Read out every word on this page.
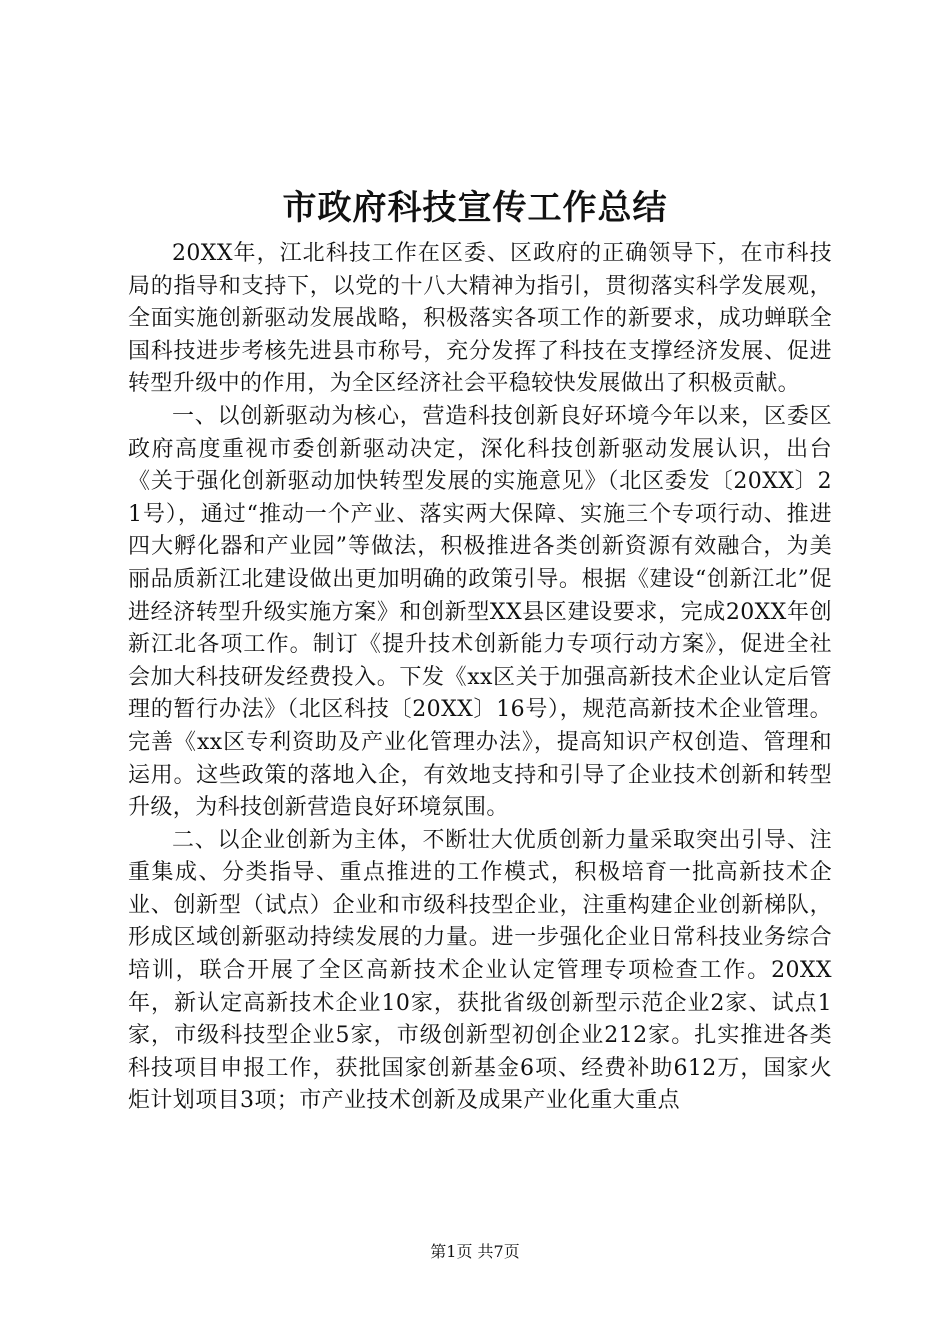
市政府科技宣传工作总结

20XX年，江北科技工作在区委、区政府的正确领导下，在市科技局的指导和支持下，以党的十八大精神为指引，贯彻落实科学发展观，全面实施创新驱动发展战略，积极落实各项工作的新要求，成功蝉联全国科技进步考核先进县市称号，充分发挥了科技在支撑经济发展、促进转型升级中的作用，为全区经济社会平稳较快发展做出了积极贡献。

一、以创新驱动为核心，营造科技创新良好环境今年以来，区委区政府高度重视市委创新驱动决定，深化科技创新驱动发展认识，出台《关于强化创新驱动加快转型发展的实施意见》（北区委发〔20XX〕21号），通过“推动一个产业、落实两大保障、实施三个专项行动、推进四大孵化器和产业园”等做法，积极推进各类创新资源有效融合，为美丽品质新江北建设做出更加明确的政策引导。根据《建设“创新江北”促进经济转型升级实施方案》和创新型XX县区建设要求，完成20XX年创新江北各项工作。制订《提升技术创新能力专项行动方案》，促进全社会加大科技研发经费投入。下发《xx区关于加强高新技术企业认定后管理的暂行办法》（北区科技〔20XX〕16号），规范高新技术企业管理。完善《xx区专利资助及产业化管理办法》，提高知识产权创造、管理和运用。这些政策的落地入企，有效地支持和引导了企业技术创新和转型升级，为科技创新营造良好环境氛围。

二、以企业创新为主体，不断壮大优质创新力量采取突出引导、注重集成、分类指导、重点推进的工作模式，积极培育一批高新技术企业、创新型（试点）企业和市级科技型企业，注重构建企业创新梯队，形成区域创新驱动持续发展的力量。进一步强化企业日常科技业务综合培训，联合开展了全区高新技术企业认定管理专项检查工作。20XX年，新认定高新技术企业10家，获批省级创新型示范企业2家、试点1家，市级科技型企业5家，市级创新型初创企业212家。扎实推进各类科技项目申报工作，获批国家创新基金6项、经费补助612万，国家火炬计划项目3项；市产业技术创新及成果产业化重大重点

第1页 共7页
